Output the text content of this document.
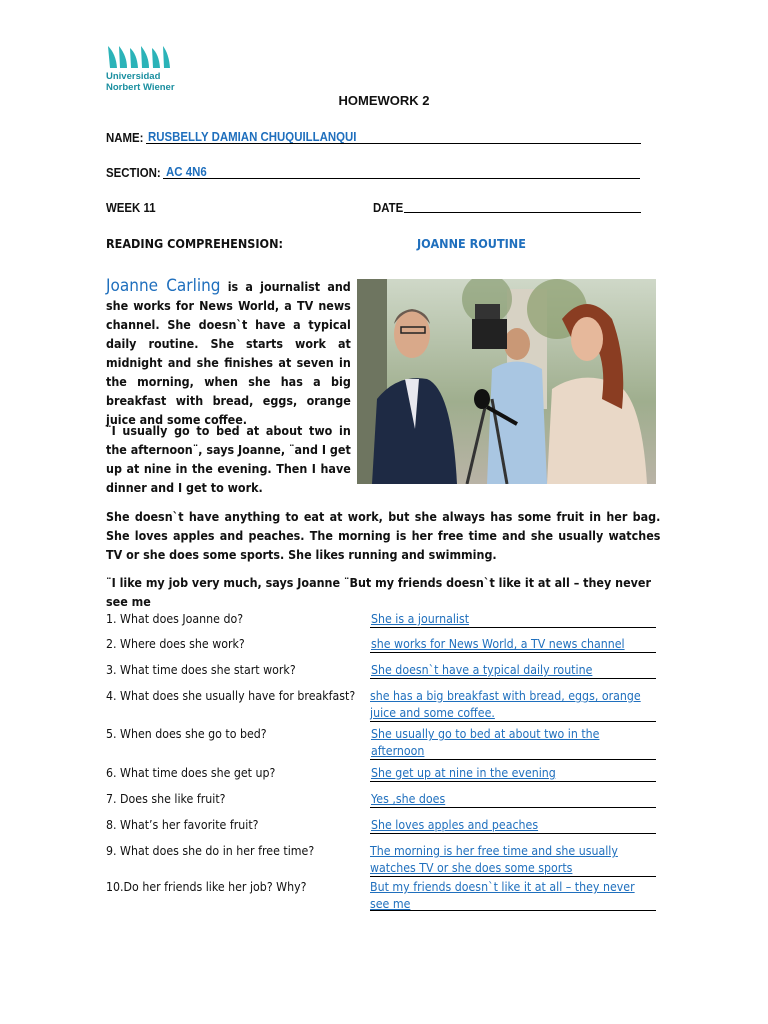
Universidad
Norbert Wiener
HOMEWORK 2
NAME: RUSBELLY DAMIAN CHUQUILLANQUI
SECTION: AC 4N6
WEEK 11	DATE
READING COMPREHENSION:	JOANNE ROUTINE
Joanne Carling is a journalist and she works for News World, a TV news channel. She doesn`t have a typical daily routine. She starts work at midnight and she finishes at seven in the morning, when she has a big breakfast with bread, eggs, orange juice and some coffee.
¨I usually go to bed at about two in the afternoon¨, says Joanne, ¨and I get up at nine in the evening. Then I have dinner and I get to work.
She doesn`t have anything to eat at work, but she always has some fruit in her bag. She loves apples and peaches. The morning is her free time and she usually watches TV or she does some sports. She likes running and swimming.
¨I like my job very much, says Joanne ¨But my friends doesn`t like it at all – they never see me
1. What does Joanne do?	She is a journalist
2. Where does she work?	she works for News World, a TV news channel
3. What time does she start work?	She doesn`t have a typical daily routine
4. What does she usually have for breakfast? she has a big breakfast with bread, eggs, orange juice and some coffee.
5. When does she go to bed?	She usually go to bed at about two in the afternoon
6. What time does she get up?	She get up at nine in the evening
7. Does she like fruit?	Yes ,she does
8. What’s her favorite fruit?	She loves apples and peaches
9. What does she do in her free time?	The morning is her free time and she usually watches TV or she does some sports
10.Do her friends like her job? Why?	But my friends doesn`t like it at all – they never see me
